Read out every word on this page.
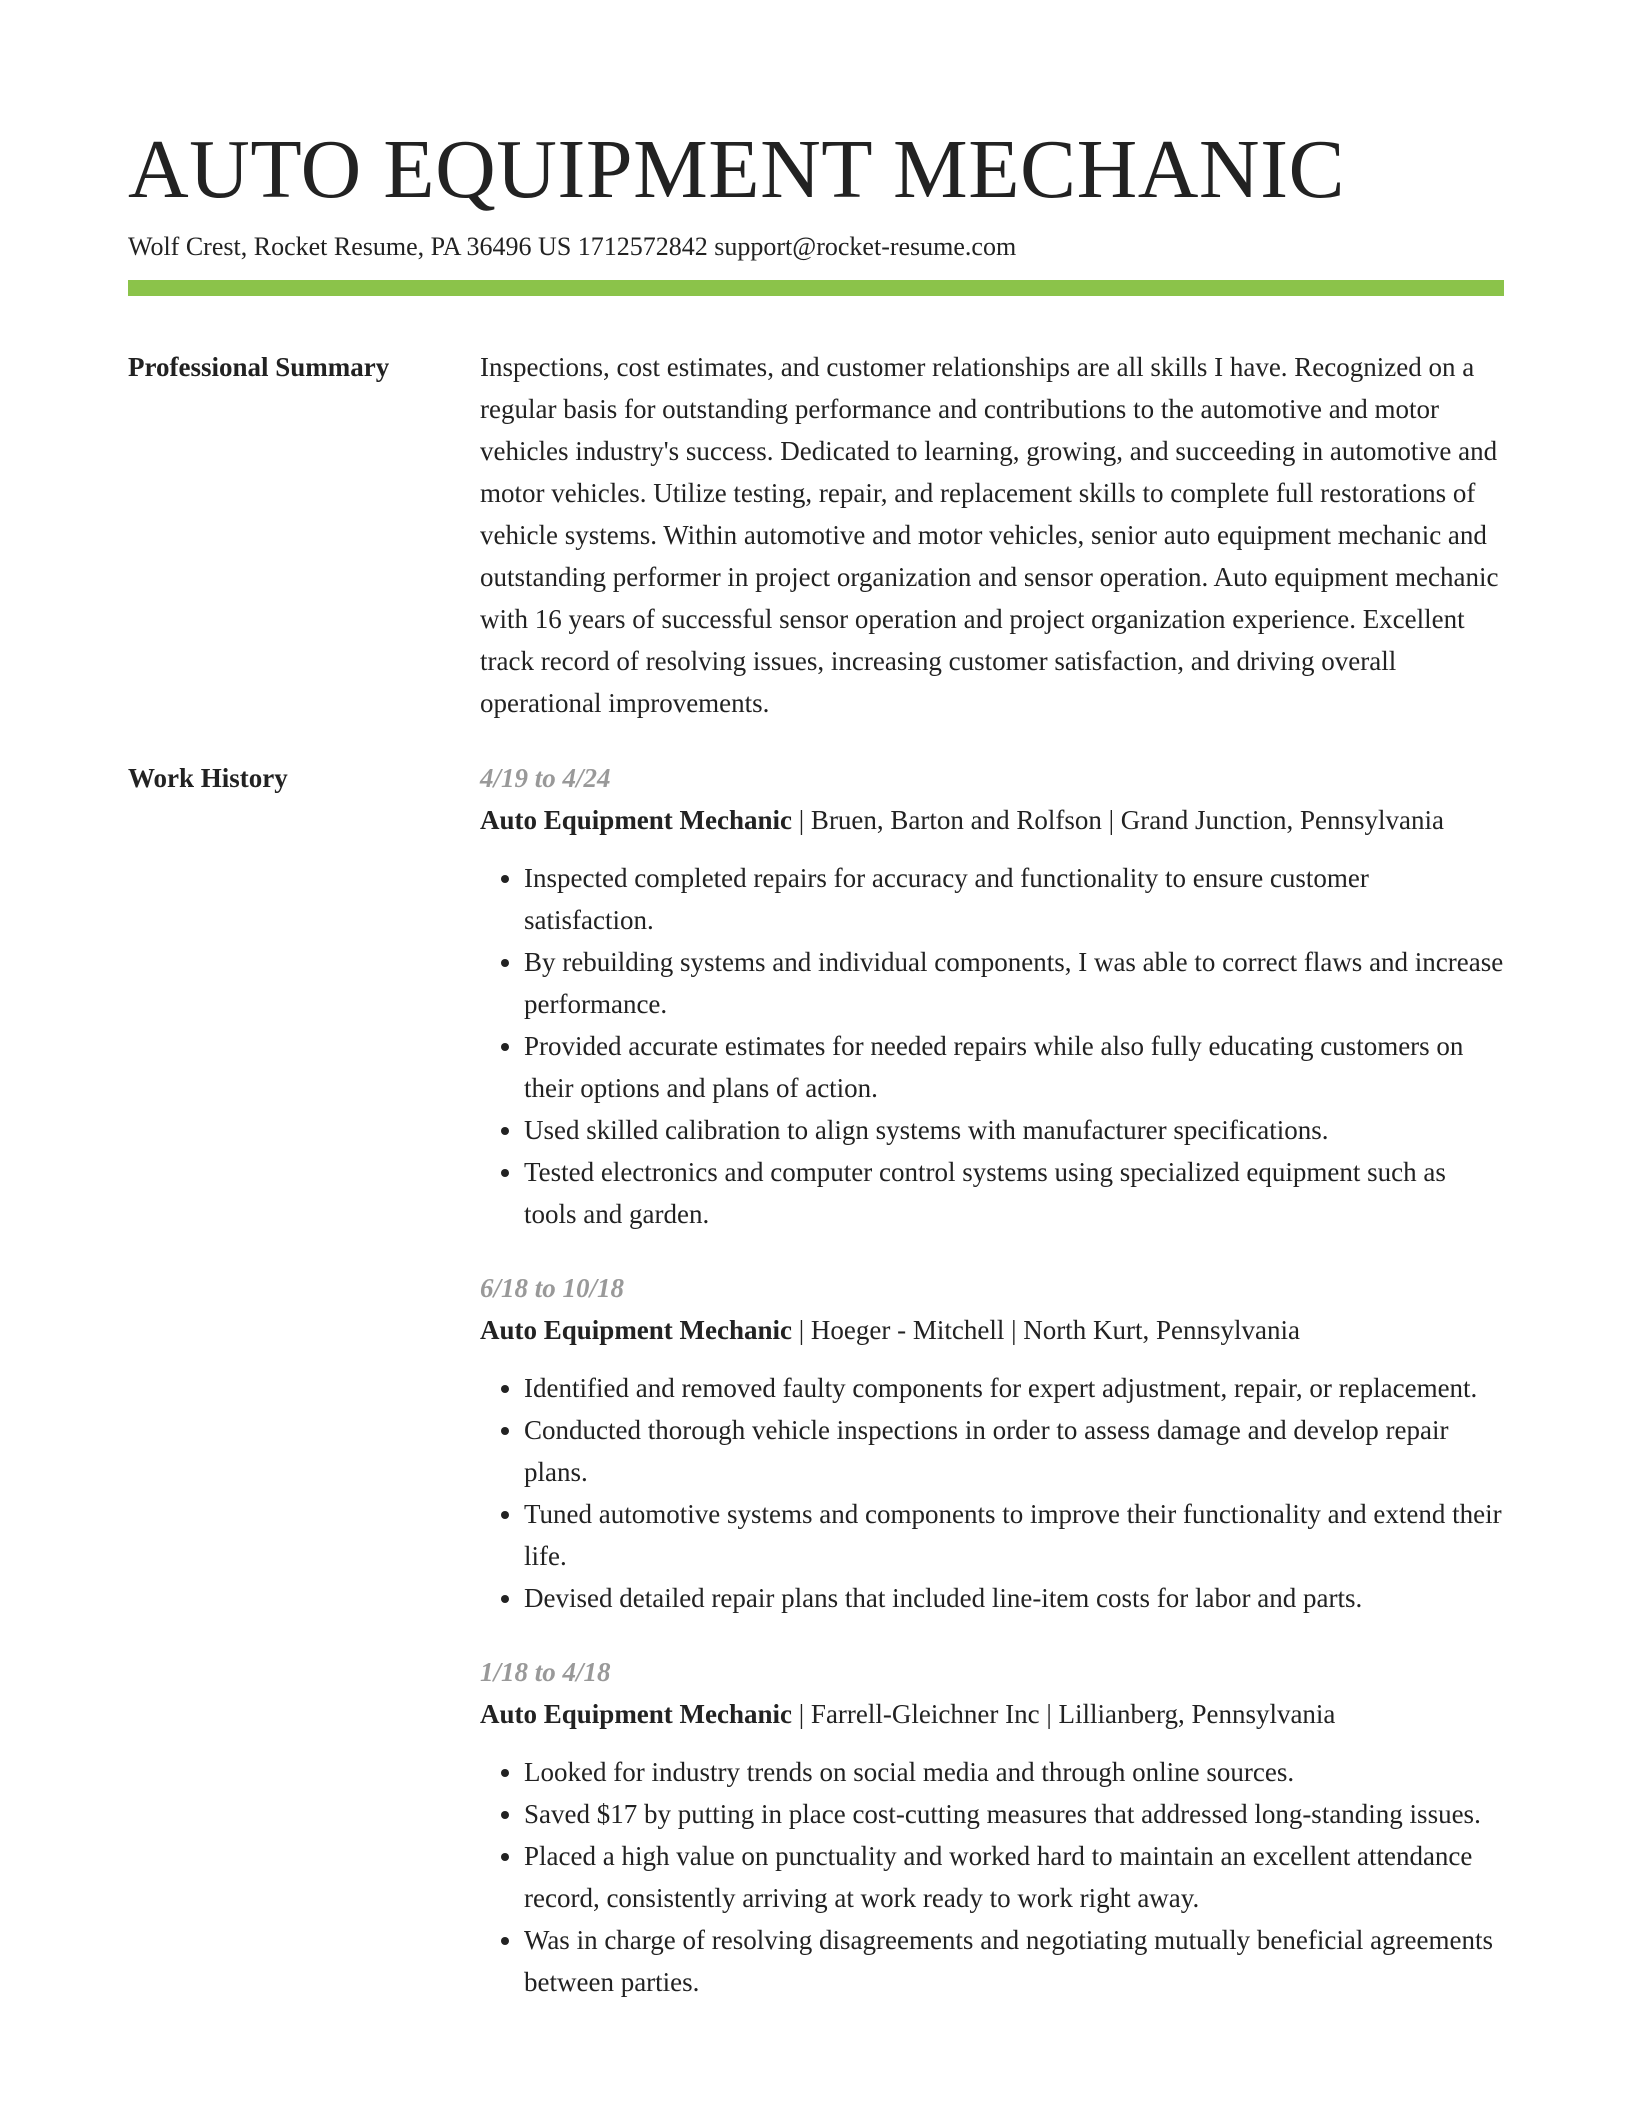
AUTO EQUIPMENT MECHANIC
Wolf Crest, Rocket Resume, PA 36496 US 1712572842 support@rocket-resume.com
Professional Summary	Inspections, cost estimates, and customer relationships are all skills I have. Recognized on a regular basis for outstanding performance and contributions to the automotive and motor vehicles industry's success. Dedicated to learning, growing, and succeeding in automotive and motor vehicles. Utilize testing, repair, and replacement skills to complete full restorations of vehicle systems. Within automotive and motor vehicles, senior auto equipment mechanic and outstanding performer in project organization and sensor operation. Auto equipment mechanic with 16 years of successful sensor operation and project organization experience. Excellent track record of resolving issues, increasing customer satisfaction, and driving overall operational improvements.

Work History	4/19 to 4/24
Auto Equipment Mechanic | Bruen, Barton and Rolfson | Grand Junction, Pennsylvania
• Inspected completed repairs for accuracy and functionality to ensure customer satisfaction.
• By rebuilding systems and individual components, I was able to correct flaws and increase performance.
• Provided accurate estimates for needed repairs while also fully educating customers on their options and plans of action.
• Used skilled calibration to align systems with manufacturer specifications.
• Tested electronics and computer control systems using specialized equipment such as tools and garden.
6/18 to 10/18
Auto Equipment Mechanic | Hoeger - Mitchell | North Kurt, Pennsylvania
• Identified and removed faulty components for expert adjustment, repair, or replacement.
• Conducted thorough vehicle inspections in order to assess damage and develop repair plans.
• Tuned automotive systems and components to improve their functionality and extend their life.
• Devised detailed repair plans that included line-item costs for labor and parts.
1/18 to 4/18
Auto Equipment Mechanic | Farrell-Gleichner Inc | Lillianberg, Pennsylvania
• Looked for industry trends on social media and through online sources.
• Saved $17 by putting in place cost-cutting measures that addressed long-standing issues.
• Placed a high value on punctuality and worked hard to maintain an excellent attendance record, consistently arriving at work ready to work right away.
• Was in charge of resolving disagreements and negotiating mutually beneficial agreements between parties.
